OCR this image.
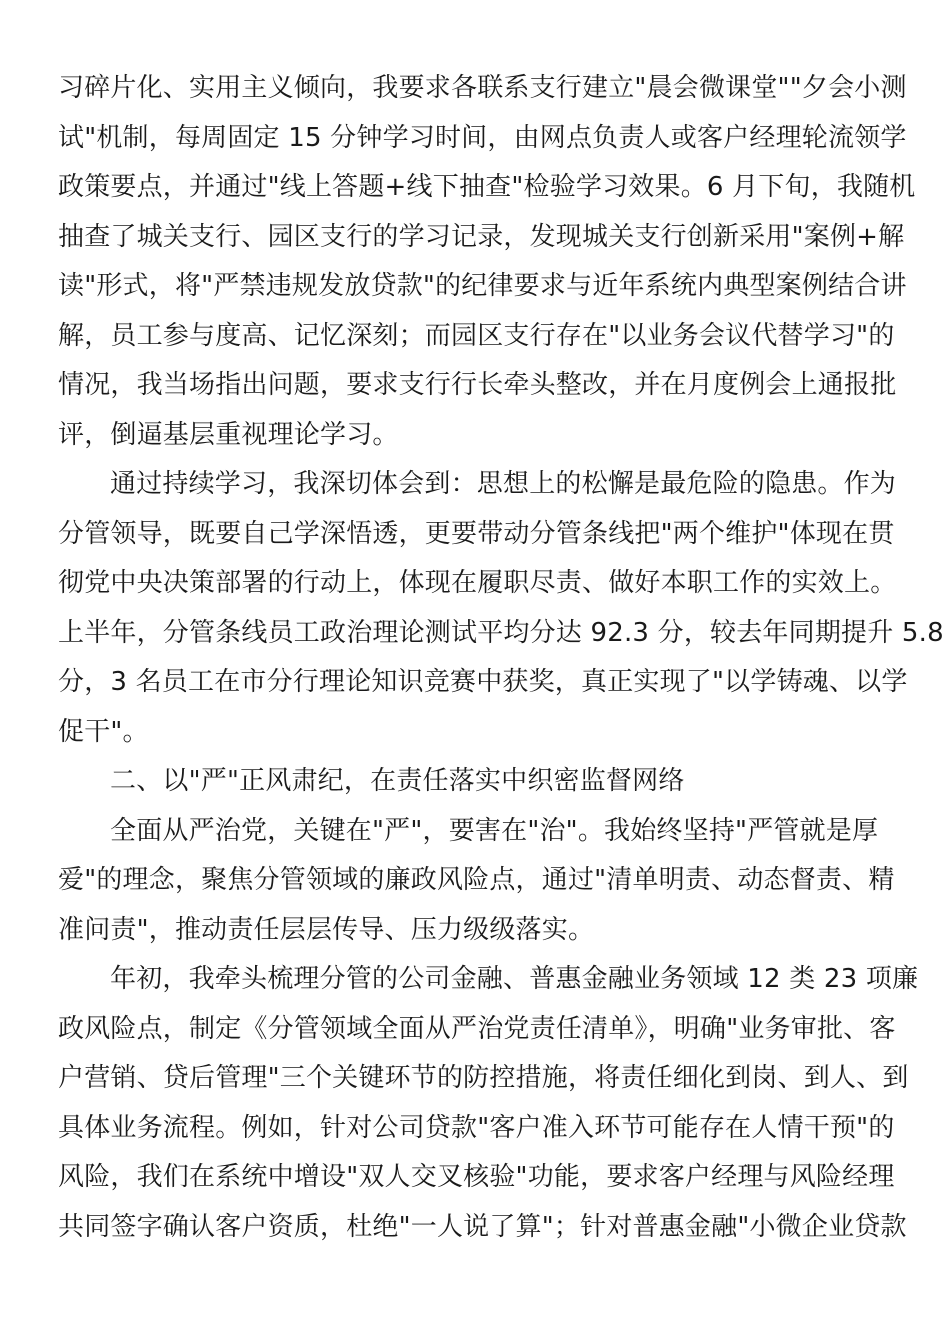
习碎片化、实用主义倾向，我要求各联系支行建立"晨会微课堂""夕会小测
试"机制，每周固定 15 分钟学习时间，由网点负责人或客户经理轮流领学
政策要点，并通过"线上答题+线下抽查"检验学习效果。6 月下旬，我随机
抽查了城关支行、园区支行的学习记录，发现城关支行创新采用"案例+解
读"形式，将"严禁违规发放贷款"的纪律要求与近年系统内典型案例结合讲
解，员工参与度高、记忆深刻；而园区支行存在"以业务会议代替学习"的
情况，我当场指出问题，要求支行行长牵头整改，并在月度例会上通报批
评，倒逼基层重视理论学习。
通过持续学习，我深切体会到：思想上的松懈是最危险的隐患。作为
分管领导，既要自己学深悟透，更要带动分管条线把"两个维护"体现在贯
彻党中央决策部署的行动上，体现在履职尽责、做好本职工作的实效上。
上半年，分管条线员工政治理论测试平均分达 92.3 分，较去年同期提升 5.8
分，3 名员工在市分行理论知识竞赛中获奖，真正实现了"以学铸魂、以学
促干"。
二、以"严"正风肃纪，在责任落实中织密监督网络
全面从严治党，关键在"严"，要害在"治"。我始终坚持"严管就是厚
爱"的理念，聚焦分管领域的廉政风险点，通过"清单明责、动态督责、精
准问责"，推动责任层层传导、压力级级落实。
年初，我牵头梳理分管的公司金融、普惠金融业务领域 12 类 23 项廉
政风险点，制定《分管领域全面从严治党责任清单》，明确"业务审批、客
户营销、贷后管理"三个关键环节的防控措施，将责任细化到岗、到人、到
具体业务流程。例如，针对公司贷款"客户准入环节可能存在人情干预"的
风险，我们在系统中增设"双人交叉核验"功能，要求客户经理与风险经理
共同签字确认客户资质，杜绝"一人说了算"；针对普惠金融"小微企业贷款
